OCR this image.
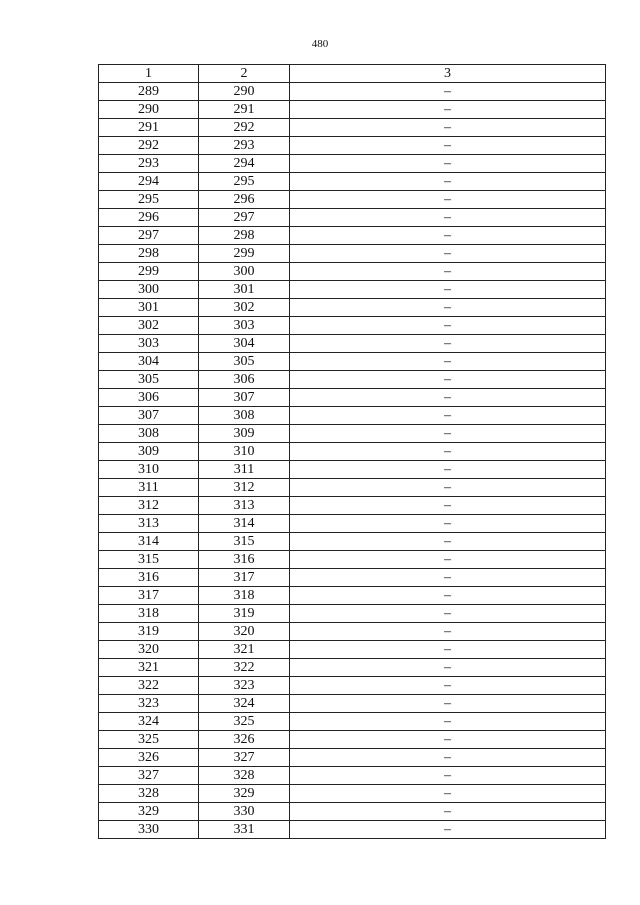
480
1	2	3
289	290	–
290	291	–
291	292	–
292	293	–
293	294	–
294	295	–
295	296	–
296	297	–
297	298	–
298	299	–
299	300	–
300	301	–
301	302	–
302	303	–
303	304	–
304	305	–
305	306	–
306	307	–
307	308	–
308	309	–
309	310	–
310	311	–
311	312	–
312	313	–
313	314	–
314	315	–
315	316	–
316	317	–
317	318	–
318	319	–
319	320	–
320	321	–
321	322	–
322	323	–
323	324	–
324	325	–
325	326	–
326	327	–
327	328	–
328	329	–
329	330	–
330	331	–
